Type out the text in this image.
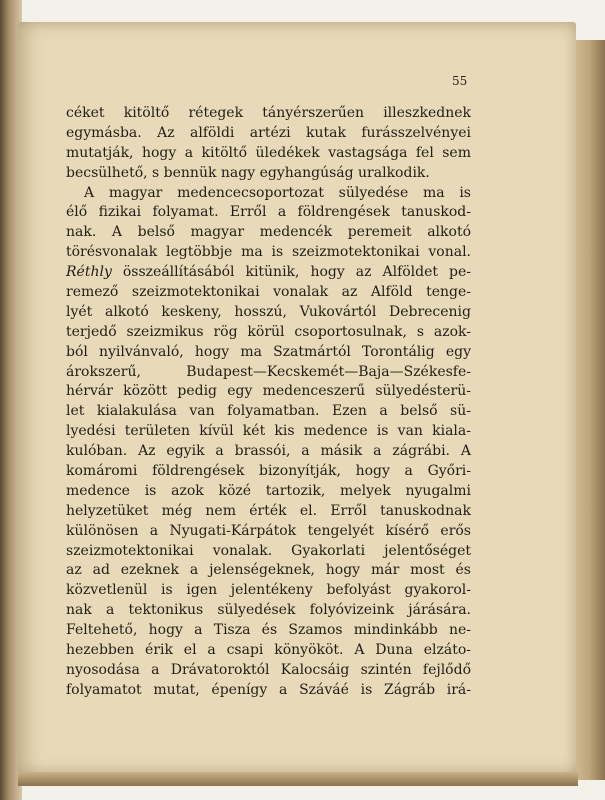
55
céket kitöltő rétegek tányérszerűen illeszkednek
egymásba. Az alföldi artézi kutak furásszelvényei
mutatják, hogy a kitöltő üledékek vastagsága fel sem
becsülhető, s bennük nagy egyhangúság uralkodik.
A magyar medencecsoportozat sülyedése ma is
élő fizikai folyamat. Erről a földrengések tanuskod-
nak. A belső magyar medencék peremeit alkotó
törésvonalak legtöbbje ma is szeizmotektonikai vonal.
Réthly összeállításából kitünik, hogy az Alföldet pe-
remező szeizmotektonikai vonalak az Alföld tenge-
lyét alkotó keskeny, hosszú, Vukovártól Debrecenig
terjedő szeizmikus rög körül csoportosulnak, s azok-
ból nyilvánvaló, hogy ma Szatmártól Torontálig egy
árokszerű, Budapest—Kecskemét—Baja—Székesfe-
hérvár között pedig egy medenceszerű sülyedésterü-
let kialakulása van folyamatban. Ezen a belső sü-
lyedési területen kívül két kis medence is van kiala-
kulóban. Az egyik a brassói, a másik a zágrábi. A
komáromi földrengések bizonyítják, hogy a Győri-
medence is azok közé tartozik, melyek nyugalmi
helyzetüket még nem érték el. Erről tanuskodnak
különösen a Nyugati-Kárpátok tengelyét kísérő erős
szeizmotektonikai vonalak. Gyakorlati jelentőséget
az ad ezeknek a jelenségeknek, hogy már most és
közvetlenül is igen jelentékeny befolyást gyakorol-
nak a tektonikus sülyedések folyóvizeink járására.
Feltehető, hogy a Tisza és Szamos mindinkább ne-
hezebben érik el a csapi könyököt. A Duna elzáto-
nyosodása a Drávatoroktól Kalocsáig szintén fejlődő
folyamatot mutat, épenígy a Száváé is Zágráb irá-
